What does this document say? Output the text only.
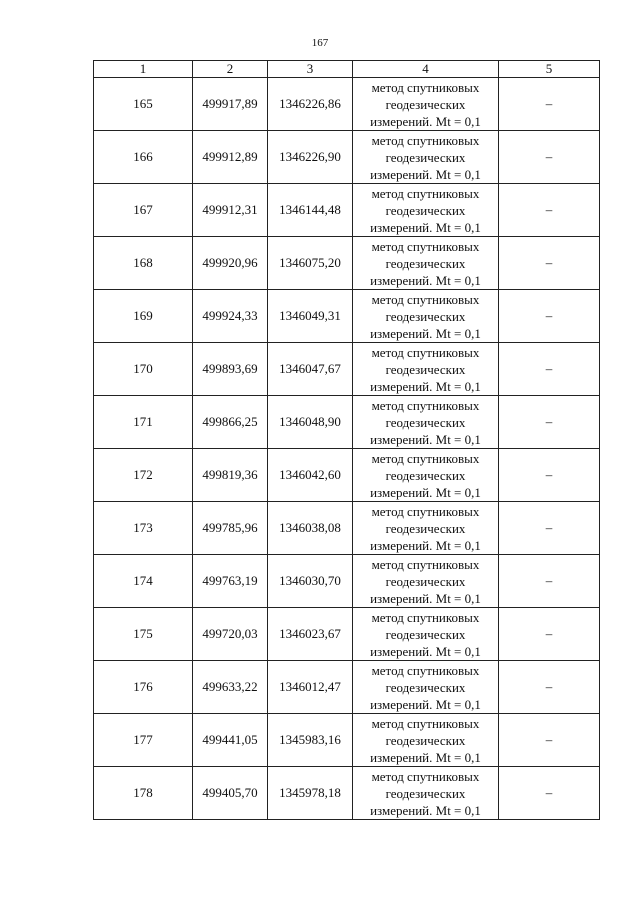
167
1	2	3	4	5
165	499917,89	1346226,86	метод спутниковых
геодезических
измерений. Mt = 0,1	–
166	499912,89	1346226,90	метод спутниковых
геодезических
измерений. Mt = 0,1	–
167	499912,31	1346144,48	метод спутниковых
геодезических
измерений. Mt = 0,1	–
168	499920,96	1346075,20	метод спутниковых
геодезических
измерений. Mt = 0,1	–
169	499924,33	1346049,31	метод спутниковых
геодезических
измерений. Mt = 0,1	–
170	499893,69	1346047,67	метод спутниковых
геодезических
измерений. Mt = 0,1	–
171	499866,25	1346048,90	метод спутниковых
геодезических
измерений. Mt = 0,1	–
172	499819,36	1346042,60	метод спутниковых
геодезических
измерений. Mt = 0,1	–
173	499785,96	1346038,08	метод спутниковых
геодезических
измерений. Mt = 0,1	–
174	499763,19	1346030,70	метод спутниковых
геодезических
измерений. Mt = 0,1	–
175	499720,03	1346023,67	метод спутниковых
геодезических
измерений. Mt = 0,1	–
176	499633,22	1346012,47	метод спутниковых
геодезических
измерений. Mt = 0,1	–
177	499441,05	1345983,16	метод спутниковых
геодезических
измерений. Mt = 0,1	–
178	499405,70	1345978,18	метод спутниковых
геодезических
измерений. Mt = 0,1	–
